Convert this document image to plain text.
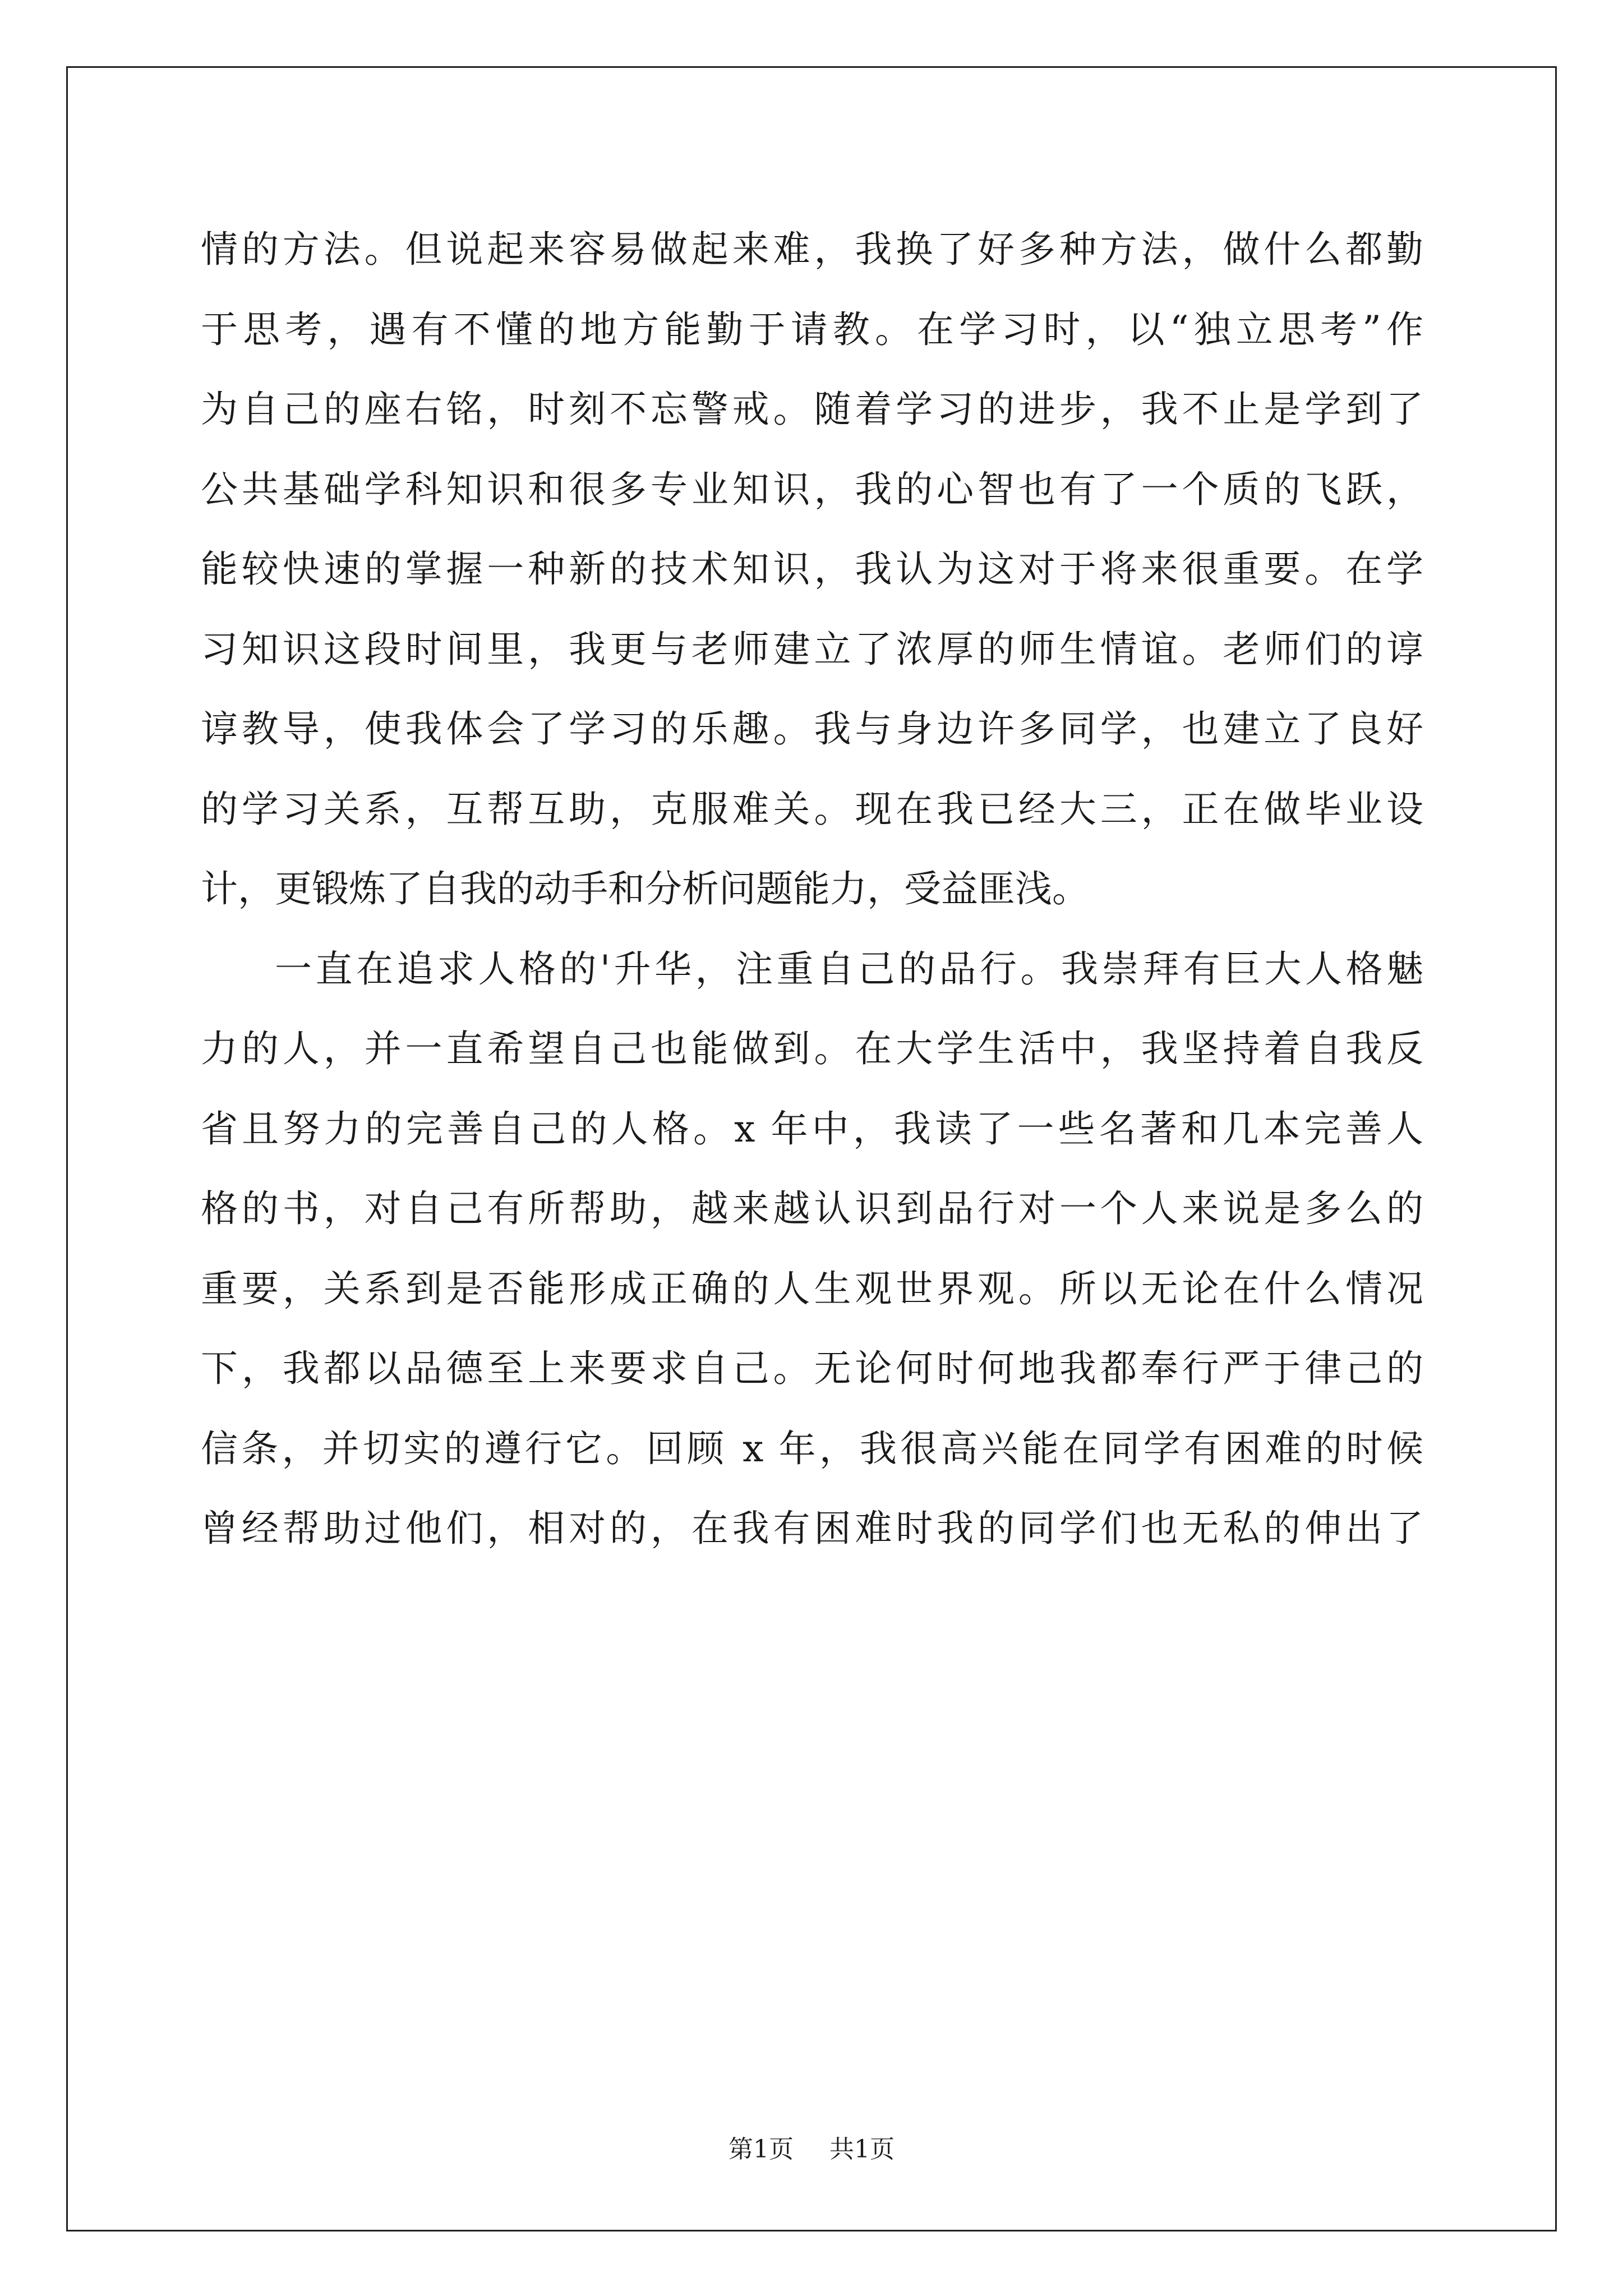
情的方法。但说起来容易做起来难，我换了好多种方法，做什么都勤
于思考，遇有不懂的地方能勤于请教。在学习时，以“独立思考”作
为自己的座右铭，时刻不忘警戒。随着学习的进步，我不止是学到了
公共基础学科知识和很多专业知识，我的心智也有了一个质的飞跃，
能较快速的掌握一种新的技术知识，我认为这对于将来很重要。在学
习知识这段时间里，我更与老师建立了浓厚的师生情谊。老师们的谆
谆教导，使我体会了学习的乐趣。我与身边许多同学，也建立了良好
的学习关系，互帮互助，克服难关。现在我已经大三，正在做毕业设
计，更锻炼了自我的动手和分析问题能力，受益匪浅。
一直在追求人格的'升华，注重自己的品行。我崇拜有巨大人格魅
力的人，并一直希望自己也能做到。在大学生活中，我坚持着自我反
省且努力的完善自己的人格。x 年中，我读了一些名著和几本完善人
格的书，对自己有所帮助，越来越认识到品行对一个人来说是多么的
重要，关系到是否能形成正确的人生观世界观。所以无论在什么情况
下，我都以品德至上来要求自己。无论何时何地我都奉行严于律己的
信条，并切实的遵行它。回顾 x 年，我很高兴能在同学有困难的时候
曾经帮助过他们，相对的，在我有困难时我的同学们也无私的伸出了
第1页 共1页
